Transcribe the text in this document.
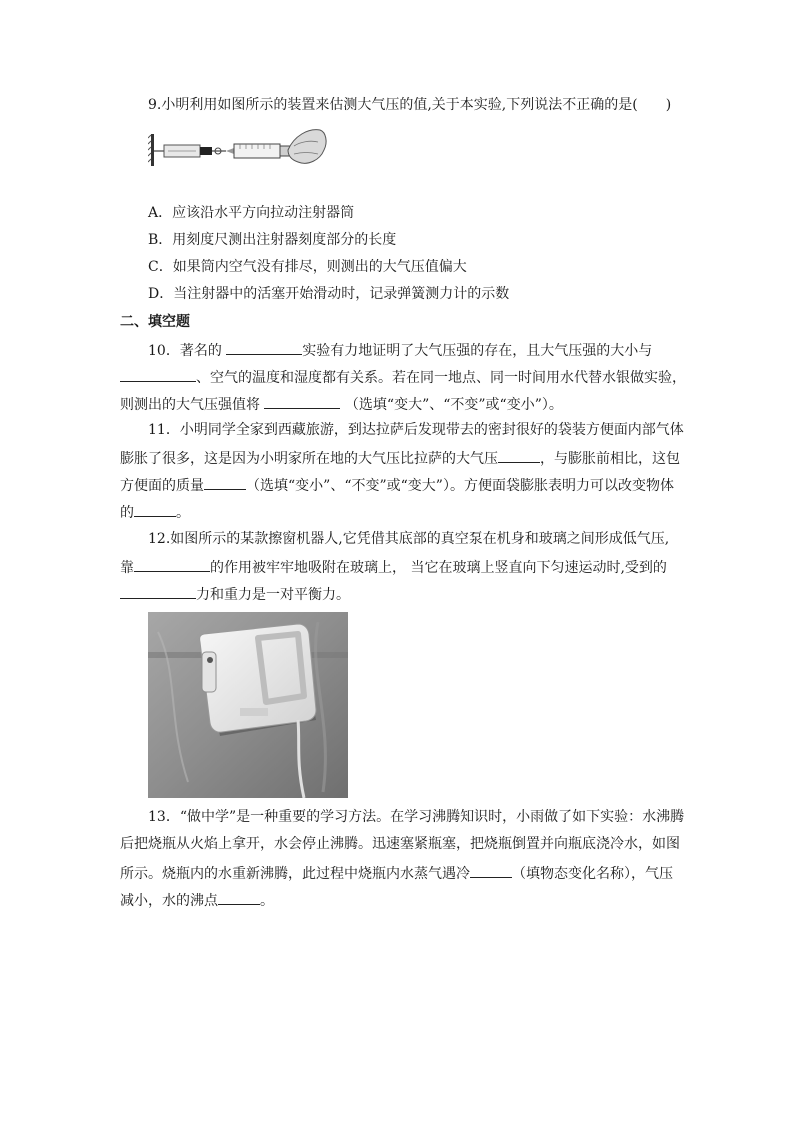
9.小明利用如图所示的装置来估测大气压的值,关于本实验,下列说法不正确的是(　　)
A．应该沿水平方向拉动注射器筒
B．用刻度尺测出注射器刻度部分的长度
C．如果筒内空气没有排尽，则测出的大气压值偏大
D．当注射器中的活塞开始滑动时，记录弹簧测力计的示数
二、填空题
10．著名的	实验有力地证明了大气压强的存在，且大气压强的大小与
、空气的温度和湿度都有关系。若在同一地点、同一时间用水代替水银做实验，
则测出的大气压强值将	（选填“变大”、“不变”或“变小”）。
11．小明同学全家到西藏旅游，到达拉萨后发现带去的密封很好的袋装方便面内部气体
膨胀了很多，这是因为小明家所在地的大气压比拉萨的大气压	，与膨胀前相比，这包
方便面的质量	（选填“变小”、“不变”或“变大”）。方便面袋膨胀表明力可以改变物体
的	。
12.如图所示的某款擦窗机器人,它凭借其底部的真空泵在机身和玻璃之间形成低气压,
靠	的作用被牢牢地吸附在玻璃上， 当它在玻璃上竖直向下匀速运动时,受到的
力和重力是一对平衡力。
13．“做中学”是一种重要的学习方法。在学习沸腾知识时，小雨做了如下实验：水沸腾
后把烧瓶从火焰上拿开，水会停止沸腾。迅速塞紧瓶塞，把烧瓶倒置并向瓶底浇冷水，如图
所示。烧瓶内的水重新沸腾，此过程中烧瓶内水蒸气遇冷	（填物态变化名称），气压
减小，水的沸点	。
